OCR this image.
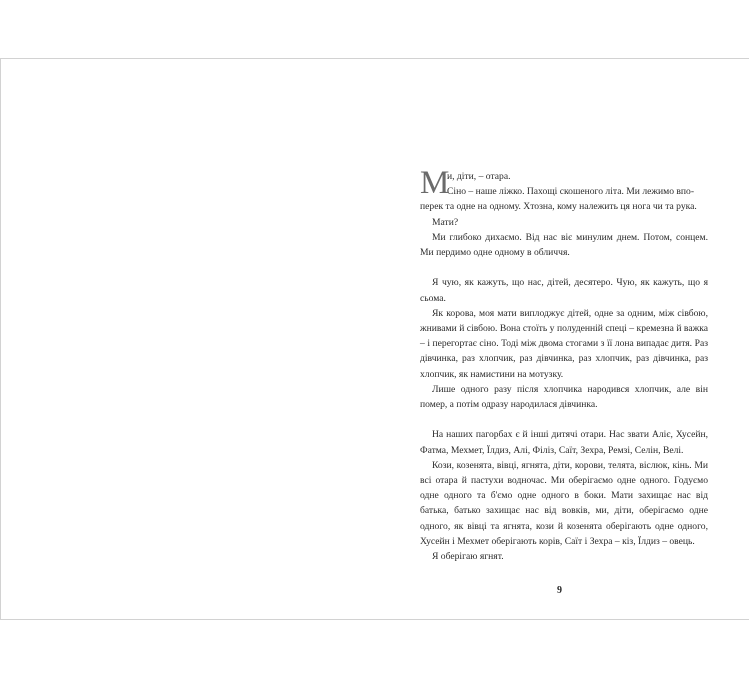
М
и, діти, – отара.

Сіно – наше ліжко. Пахощі скошеного літа. Ми лежимо впо-

перек та одне на одному. Хтозна, кому належить ця нога чи та рука.

Мати?

Ми глибоко дихаємо. Від нас віє минулим днем. Потом, сонцем. Ми пердимо одне одному в обличчя.

Я чую, як кажуть, що нас, дітей, десятеро. Чую, як кажуть, що я сьома.

Як корова, моя мати виплоджує дітей, одне за одним, між сівбою, жнивами й сівбою. Вона стоїть у полуденній спеці – кремезна й важка – і перегортає сіно. Тоді між двома стогами з її лона випадає дитя. Раз дівчинка, раз хлопчик, раз дівчинка, раз хлопчик, раз дівчинка, раз хлопчик, як намистини на мотузку.

Лише одного разу після хлопчика народився хлопчик, але він помер, а потім одразу народилася дівчинка.

На наших пагорбах є й інші дитячі отари. Нас звати Аліє, Хусейн, Фатма, Мехмет, Їлдиз, Алі, Філіз, Саїт, Зехра, Ремзі, Селін, Велі.

Кози, козенята, вівці, ягнята, діти, корови, телята, віслюк, кінь. Ми всі отара й пастухи водночас. Ми оберігаємо одне одного. Годуємо одне одного та б'ємо одне одного в боки. Мати захищає нас від батька, батько захищає нас від вовків, ми, діти, оберігаємо одне одного, як вівці та ягнята, кози й козенята оберігають одне одного, Хусейн і Мехмет оберігають корів, Саїт і Зехра – кіз, Їлдиз – овець.

Я оберігаю ягнят.

9
